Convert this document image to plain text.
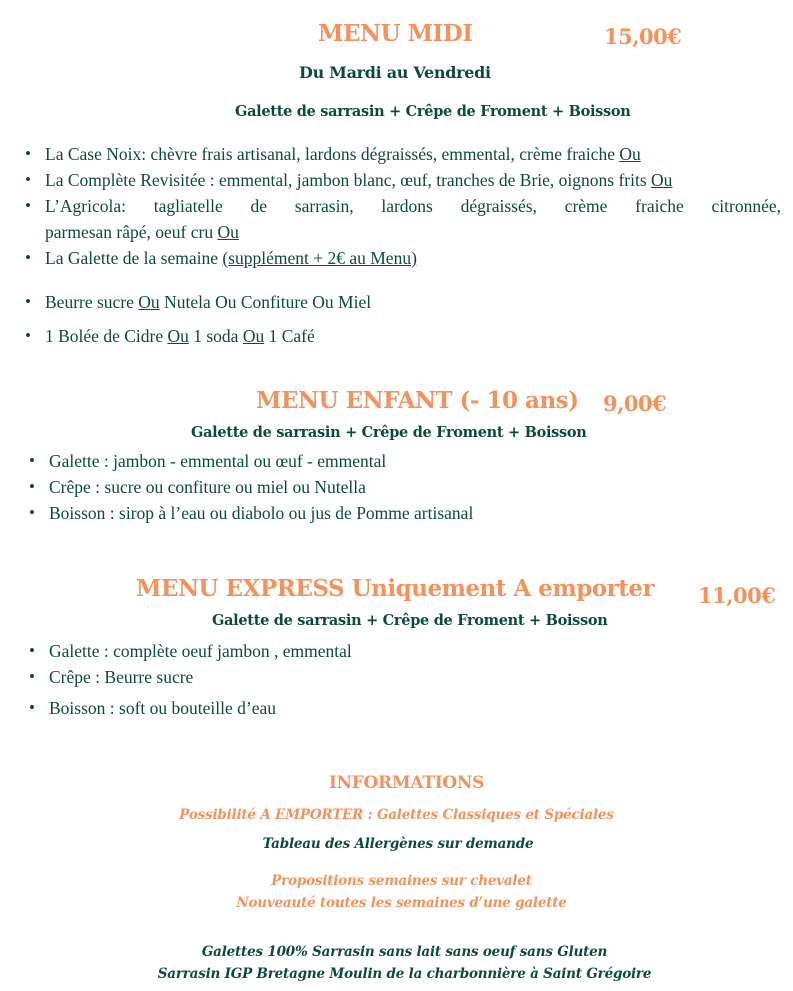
MENU MIDI	15,00€
Du Mardi au Vendredi
Galette de sarrasin + Crêpe de Froment + Boisson
• La Case Noix: chèvre frais artisanal, lardons dégraissés, emmental, crème fraiche Ou
• La Complète Revisitée : emmental, jambon blanc, œuf, tranches de Brie, oignons frits Ou
• L’Agricola: tagliatelle de sarrasin, lardons dégraissés, crème fraiche citronnée,
parmesan râpé, oeuf cru Ou
• La Galette de la semaine (supplément + 2€ au Menu)
• Beurre sucre Ou Nutela Ou Confiture Ou Miel
• 1 Bolée de Cidre Ou 1 soda Ou 1 Café
MENU ENFANT (- 10 ans) 9,00€
Galette de sarrasin + Crêpe de Froment + Boisson
• Galette : jambon - emmental ou œuf - emmental
• Crêpe : sucre ou confiture ou miel ou Nutella
• Boisson : sirop à l’eau ou diabolo ou jus de Pomme artisanal
MENU EXPRESS Uniquement A emporter 11,00€
Galette de sarrasin + Crêpe de Froment + Boisson
• Galette : complète oeuf jambon , emmental
• Crêpe : Beurre sucre
• Boisson : soft ou bouteille d’eau
INFORMATIONS
Possibilité A EMPORTER : Galettes Classiques et Spéciales
Tableau des Allergènes sur demande
Propositions semaines sur chevalet
Nouveauté toutes les semaines d’une galette
Galettes 100% Sarrasin sans lait sans oeuf sans Gluten
Sarrasin IGP Bretagne Moulin de la charbonnière à Saint Grégoire
